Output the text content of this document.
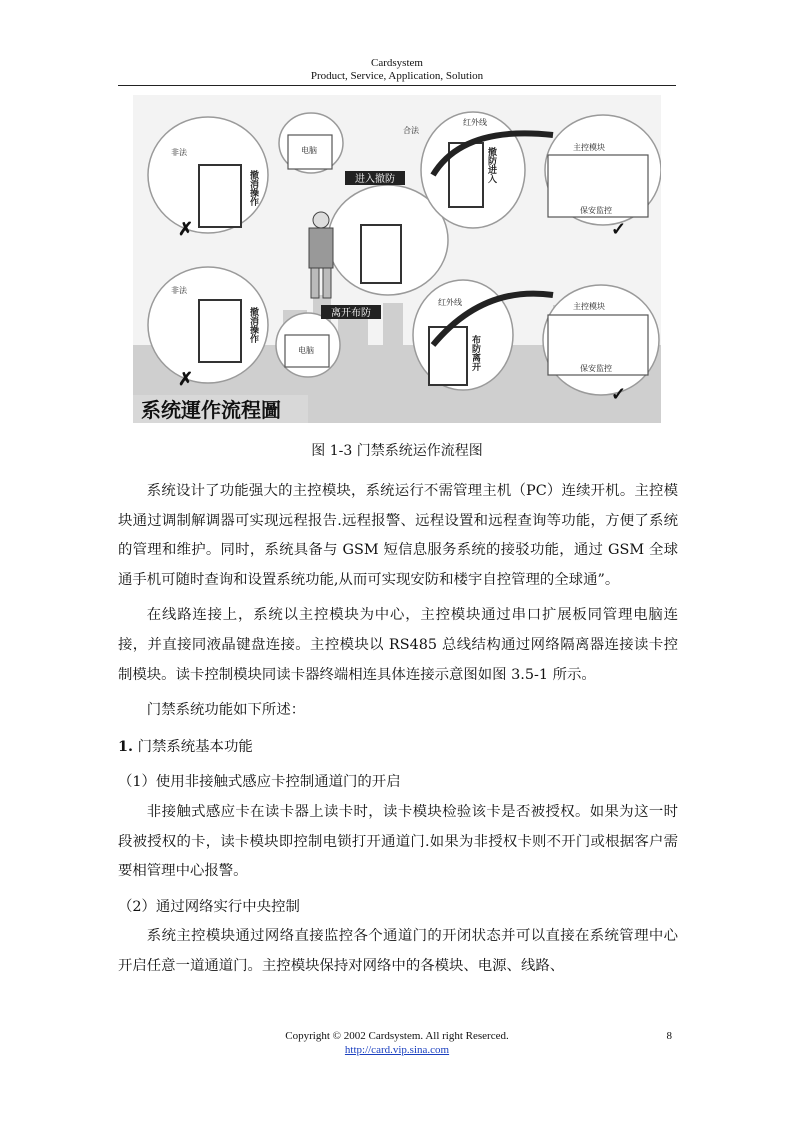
Cardsystem
Product, Service, Application, Solution
进入撤防
离开布防
非法
合法
非法
红外线
红外线
主控模块
主控模块
保安监控
保安监控
电脑
电脑
撤消操作
撤防进入
撤消操作
布防离开
✗	✓
✗
✓
系统運作流程圖
图 1-3 门禁系统运作流程图

系统设计了功能强大的主控模块，系统运行不需管理主机（PC）连续开机。主控模块通过调制解调器可实现远程报告.远程报警、远程设置和远程查询等功能，方便了系统的管理和维护。同时，系统具备与 GSM 短信息服务系统的接驳功能，通过 GSM 全球通手机可随时查询和设置系统功能,从而可实现安防和楼宇自控管理的全球通”。

在线路连接上，系统以主控模块为中心，主控模块通过串口扩展板同管理电脑连接，并直接同液晶键盘连接。主控模块以 RS485 总线结构通过网络隔离器连接读卡控制模块。读卡控制模块同读卡器终端相连具体连接示意图如图 3.5-1 所示。

门禁系统功能如下所述：

1. 门禁系统基本功能

（1）使用非接触式感应卡控制通道门的开启

非接触式感应卡在读卡器上读卡时，读卡模块检验该卡是否被授权。如果为这一时段被授权的卡，读卡模块即控制电锁打开通道门.如果为非授权卡则不开门或根据客户需要相管理中心报警。

（2）通过网络实行中央控制

系统主控模块通过网络直接监控各个通道门的开闭状态并可以直接在系统管理中心开启任意一道通道门。主控模块保持对网络中的各模块、电源、线路、

Copyright © 2002 Cardsystem. All right Reserced.
http://card.vip.sina.com
8
